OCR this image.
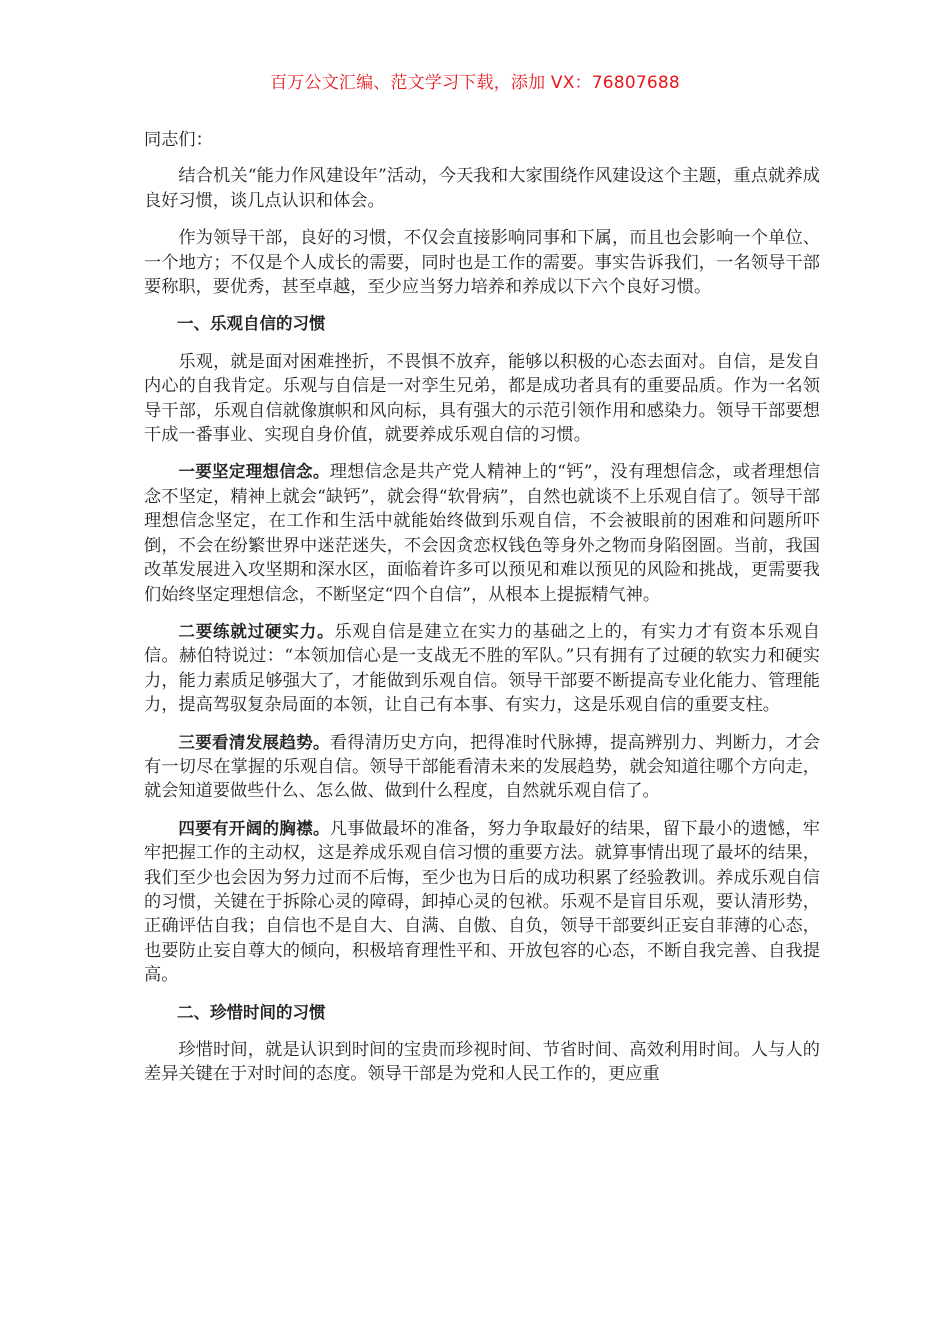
百万公文汇编、范文学习下载，添加 VX：76807688

同志们：

结合机关“能力作风建设年”活动，今天我和大家围绕作风建设这个主题，重点就养成良好习惯，谈几点认识和体会。

作为领导干部，良好的习惯，不仅会直接影响同事和下属，而且也会影响一个单位、一个地方；不仅是个人成长的需要，同时也是工作的需要。事实告诉我们，一名领导干部要称职，要优秀，甚至卓越，至少应当努力培养和养成以下六个良好习惯。

一、乐观自信的习惯

乐观，就是面对困难挫折，不畏惧不放弃，能够以积极的心态去面对。自信，是发自内心的自我肯定。乐观与自信是一对孪生兄弟，都是成功者具有的重要品质。作为一名领导干部，乐观自信就像旗帜和风向标，具有强大的示范引领作用和感染力。领导干部要想干成一番事业、实现自身价值，就要养成乐观自信的习惯。

一要坚定理想信念。理想信念是共产党人精神上的“钙”，没有理想信念，或者理想信念不坚定，精神上就会“缺钙”，就会得“软骨病”，自然也就谈不上乐观自信了。领导干部理想信念坚定，在工作和生活中就能始终做到乐观自信，不会被眼前的困难和问题所吓倒，不会在纷繁世界中迷茫迷失，不会因贪恋权钱色等身外之物而身陷囹圄。当前，我国改革发展进入攻坚期和深水区，面临着许多可以预见和难以预见的风险和挑战，更需要我们始终坚定理想信念，不断坚定“四个自信”，从根本上提振精气神。

二要练就过硬实力。乐观自信是建立在实力的基础之上的，有实力才有资本乐观自信。赫伯特说过：“本领加信心是一支战无不胜的军队。”只有拥有了过硬的软实力和硬实力，能力素质足够强大了，才能做到乐观自信。领导干部要不断提高专业化能力、管理能力，提高驾驭复杂局面的本领，让自己有本事、有实力，这是乐观自信的重要支柱。

三要看清发展趋势。看得清历史方向，把得准时代脉搏，提高辨别力、判断力，才会有一切尽在掌握的乐观自信。领导干部能看清未来的发展趋势，就会知道往哪个方向走，就会知道要做些什么、怎么做、做到什么程度，自然就乐观自信了。

四要有开阔的胸襟。凡事做最坏的准备，努力争取最好的结果，留下最小的遗憾，牢牢把握工作的主动权，这是养成乐观自信习惯的重要方法。就算事情出现了最坏的结果，我们至少也会因为努力过而不后悔，至少也为日后的成功积累了经验教训。养成乐观自信的习惯，关键在于拆除心灵的障碍，卸掉心灵的包袱。乐观不是盲目乐观，要认清形势，正确评估自我；自信也不是自大、自满、自傲、自负，领导干部要纠正妄自菲薄的心态，也要防止妄自尊大的倾向，积极培育理性平和、开放包容的心态，不断自我完善、自我提高。

二、珍惜时间的习惯

珍惜时间，就是认识到时间的宝贵而珍视时间、节省时间、高效利用时间。人与人的差异关键在于对时间的态度。领导干部是为党和人民工作的，更应重
